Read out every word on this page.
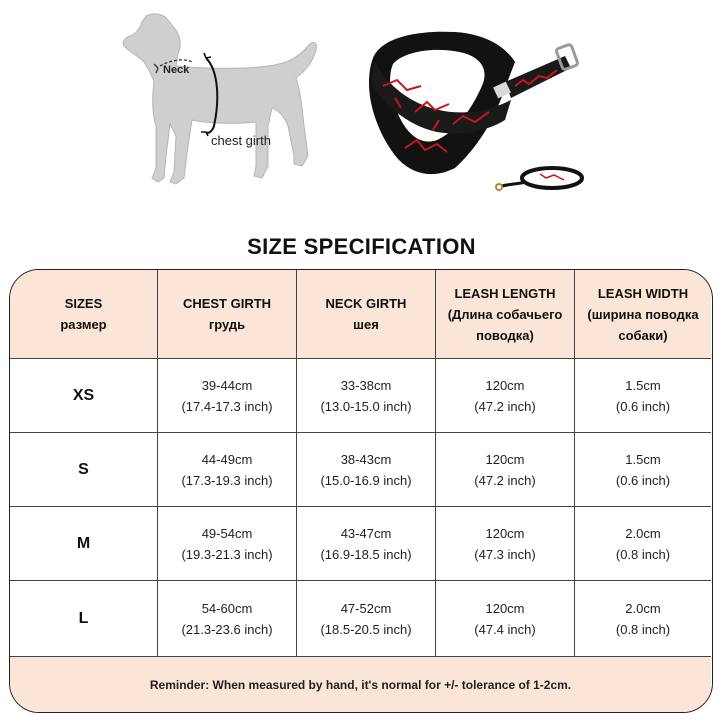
Neck
chest girth
SIZE SPECIFICATION
SIZES
размер
CHEST GIRTH
грудь
NECK GIRTH
шея
LEASH LENGTH
(Длина собачьего
поводка)
LEASH WIDTH
(ширина поводка
собаки)
XS
39-44cm
(17.4-17.3 inch)
33-38cm
(13.0-15.0 inch)
120cm
(47.2 inch)
1.5cm
(0.6 inch)
S
44-49cm
(17.3-19.3 inch)
38-43cm
(15.0-16.9 inch)
120cm
(47.2 inch)
1.5cm
(0.6 inch)
M
49-54cm
(19.3-21.3 inch)
43-47cm
(16.9-18.5 inch)
120cm
(47.3 inch)
2.0cm
(0.8 inch)
L
54-60cm
(21.3-23.6 inch)
47-52cm
(18.5-20.5 inch)
120cm
(47.4 inch)
2.0cm
(0.8 inch)
Reminder: When measured by hand, it's normal for +/- tolerance of 1-2cm.
